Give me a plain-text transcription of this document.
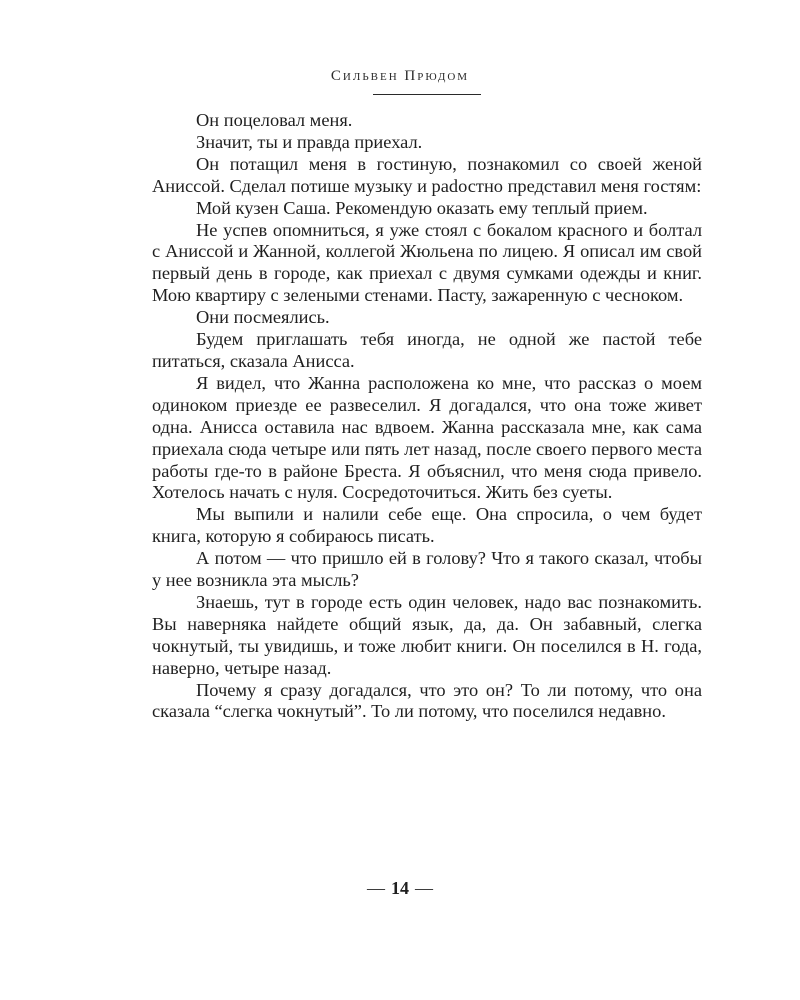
Сильвен Прюдом

Он поцеловал меня.

Значит, ты и правда приехал.

Он потащил меня в гостиную, познакомил со своей женой Аниссой. Сделал потише музыку и раdостно представил меня гостям:

Мой кузен Саша. Рекомендую оказать ему теплый прием.

Не успев опомниться, я уже стоял с бокалом красного и болтал с Аниссой и Жанной, коллегой Жюльена по лицею. Я описал им свой первый день в городе, как приехал с двумя сумками одежды и книг. Мою квартиру с зелеными стенами. Пасту, зажаренную с чесноком.

Они посмеялись.

Будем приглашать тебя иногда, не одной же пастой тебе питаться, сказала Анисса.

Я видел, что Жанна расположена ко мне, что рассказ о моем одиноком приезде ее развеселил. Я догадался, что она тоже живет одна. Анисса оставила нас вдвоем. Жанна рассказала мне, как сама приехала сюда четыре или пять лет назад, после своего первого места работы где-то в районе Бреста. Я объяснил, что меня сюда привело. Хотелось начать с нуля. Сосредоточиться. Жить без суеты.

Мы выпили и налили себе еще. Она спросила, о чем будет книга, которую я собираюсь писать.

А потом — что пришло ей в голову? Что я такого сказал, чтобы у нее возникла эта мысль?

Знаешь, тут в городе есть один человек, надо вас познакомить. Вы наверняка найдете общий язык, да, да. Он забавный, слегка чокнутый, ты увидишь, и тоже любит книги. Он поселился в Н. года, наверно, четыре назад.

Почему я сразу догадался, что это он? То ли потому, что она сказала “слегка чокнутый”. То ли потому, что поселился недавно.

— 14 —
